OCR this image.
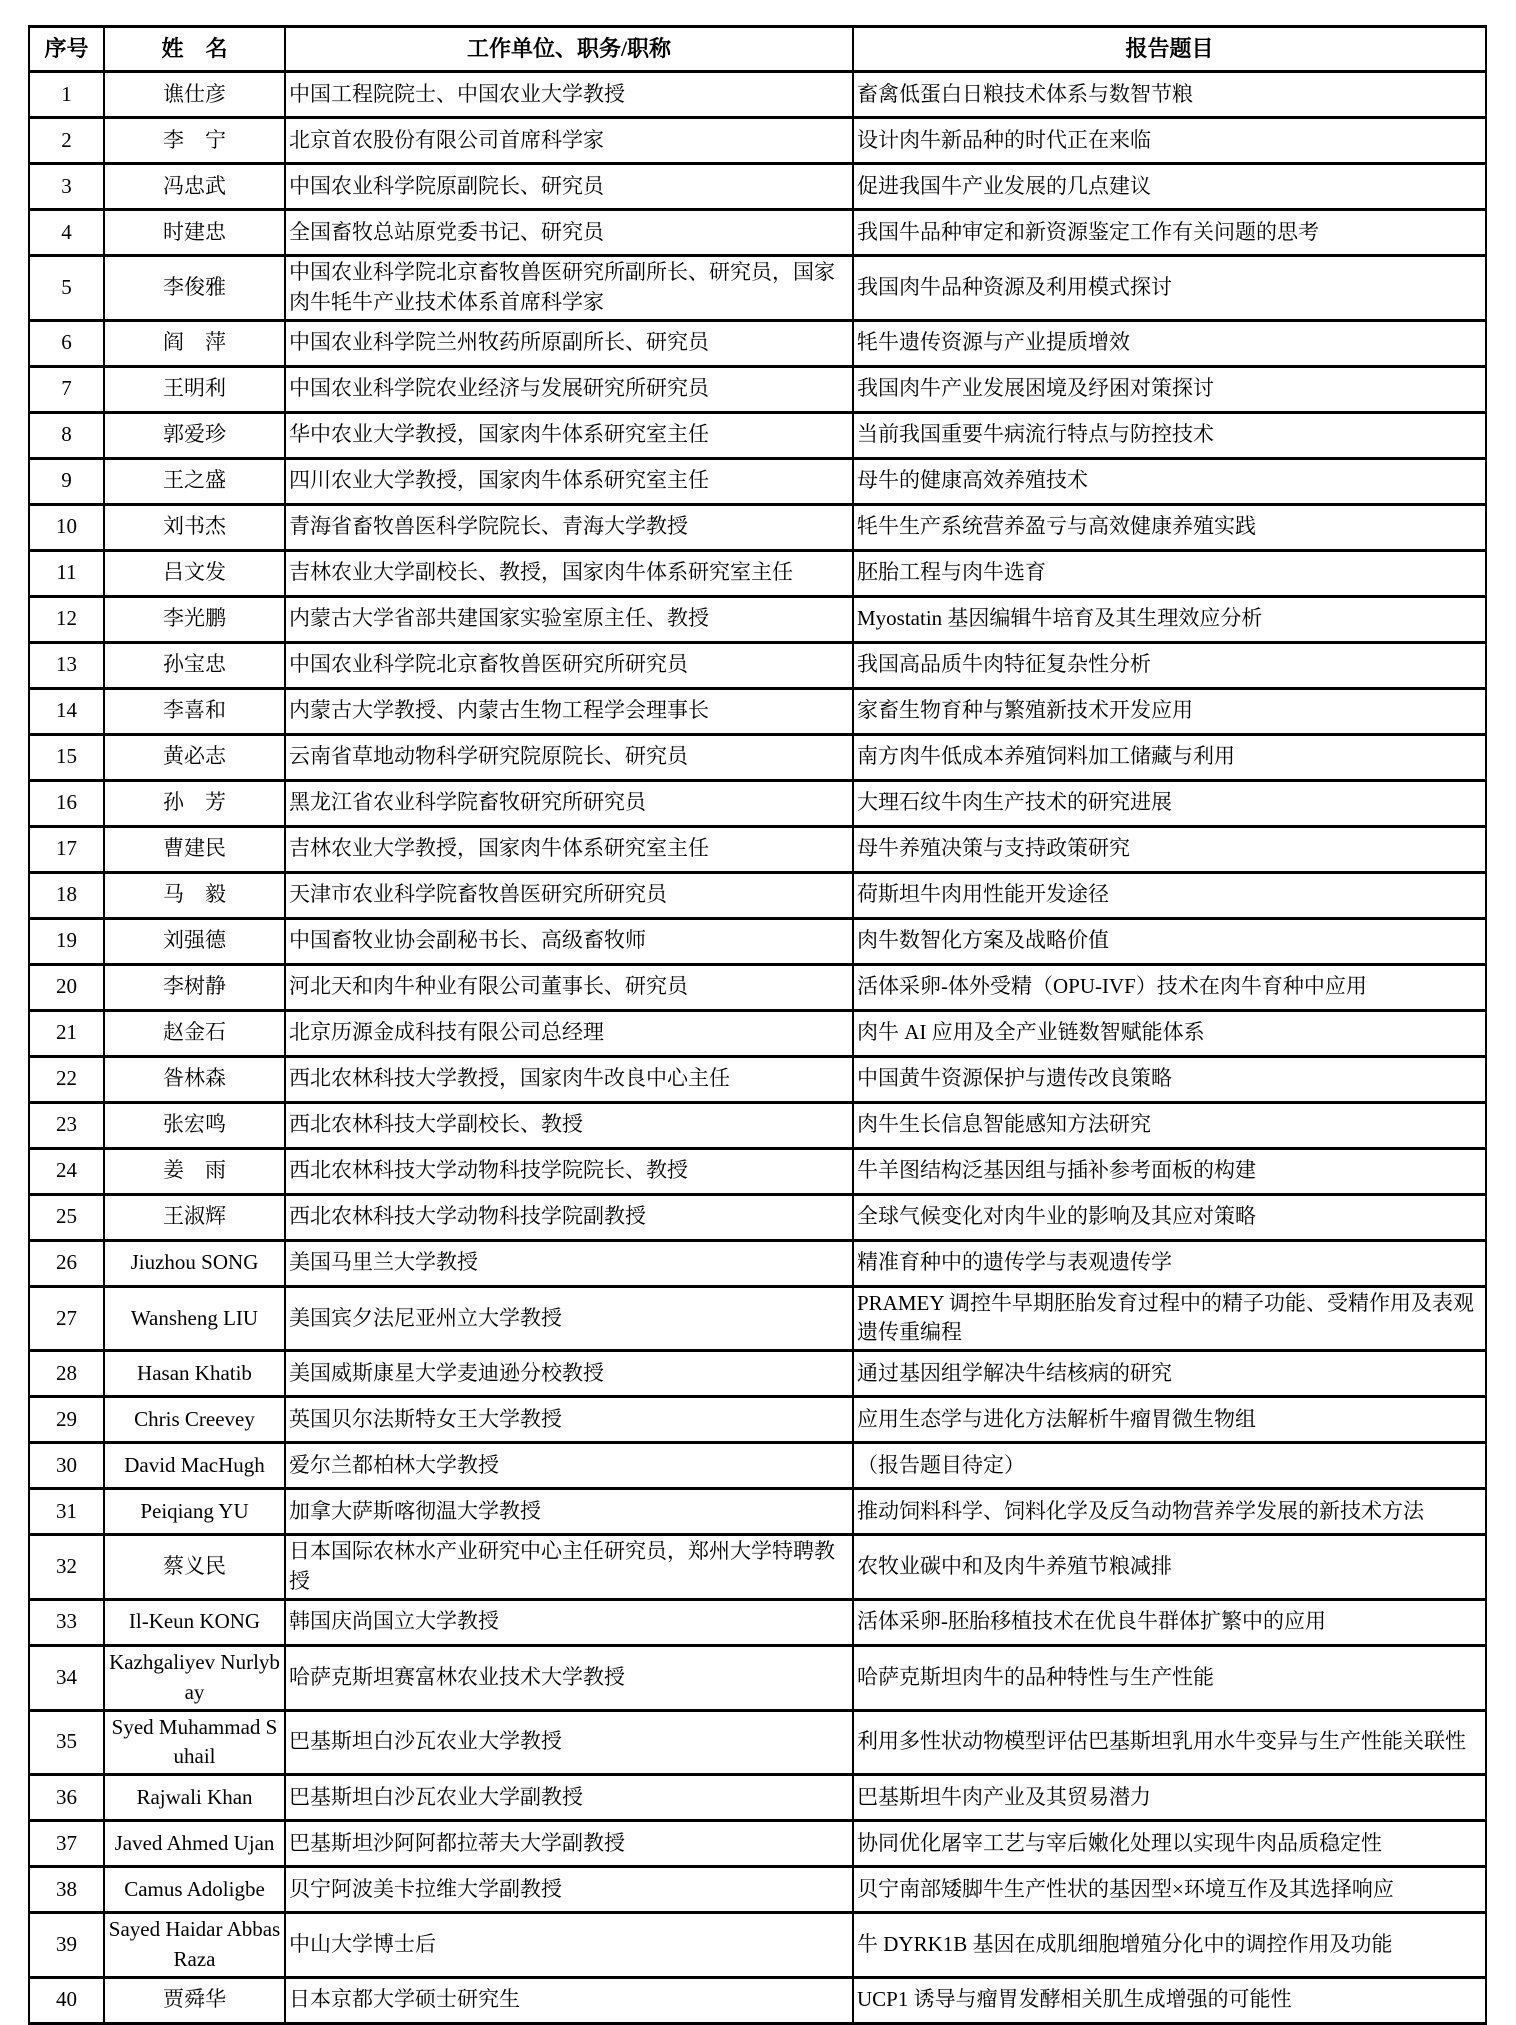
序号	姓　名	工作单位、职务/职称	报告题目
1	谯仕彦	中国工程院院士、中国农业大学教授	畜禽低蛋白日粮技术体系与数智节粮
2	李　宁	北京首农股份有限公司首席科学家	设计肉牛新品种的时代正在来临
3	冯忠武	中国农业科学院原副院长、研究员	促进我国牛产业发展的几点建议
4	时建忠	全国畜牧总站原党委书记、研究员	我国牛品种审定和新资源鉴定工作有关问题的思考
5	李俊雅	中国农业科学院北京畜牧兽医研究所副所长、研究员，国家肉牛牦牛产业技术体系首席科学家	我国肉牛品种资源及利用模式探讨
6	阎　萍	中国农业科学院兰州牧药所原副所长、研究员	牦牛遗传资源与产业提质增效
7	王明利	中国农业科学院农业经济与发展研究所研究员	我国肉牛产业发展困境及纾困对策探讨
8	郭爱珍	华中农业大学教授，国家肉牛体系研究室主任	当前我国重要牛病流行特点与防控技术
9	王之盛	四川农业大学教授，国家肉牛体系研究室主任	母牛的健康高效养殖技术
10	刘书杰	青海省畜牧兽医科学院院长、青海大学教授	牦牛生产系统营养盈亏与高效健康养殖实践
11	吕文发	吉林农业大学副校长、教授，国家肉牛体系研究室主任	胚胎工程与肉牛选育
12	李光鹏	内蒙古大学省部共建国家实验室原主任、教授	Myostatin 基因编辑牛培育及其生理效应分析
13	孙宝忠	中国农业科学院北京畜牧兽医研究所研究员	我国高品质牛肉特征复杂性分析
14	李喜和	内蒙古大学教授、内蒙古生物工程学会理事长	家畜生物育种与繁殖新技术开发应用
15	黄必志	云南省草地动物科学研究院原院长、研究员	南方肉牛低成本养殖饲料加工储藏与利用
16	孙　芳	黑龙江省农业科学院畜牧研究所研究员	大理石纹牛肉生产技术的研究进展
17	曹建民	吉林农业大学教授，国家肉牛体系研究室主任	母牛养殖决策与支持政策研究
18	马　毅	天津市农业科学院畜牧兽医研究所研究员	荷斯坦牛肉用性能开发途径
19	刘强德	中国畜牧业协会副秘书长、高级畜牧师	肉牛数智化方案及战略价值
20	李树静	河北天和肉牛种业有限公司董事长、研究员	活体采卵-体外受精（OPU-IVF）技术在肉牛育种中应用
21	赵金石	北京历源金成科技有限公司总经理	肉牛 AI 应用及全产业链数智赋能体系
22	昝林森	西北农林科技大学教授，国家肉牛改良中心主任	中国黄牛资源保护与遗传改良策略
23	张宏鸣	西北农林科技大学副校长、教授	肉牛生长信息智能感知方法研究
24	姜　雨	西北农林科技大学动物科技学院院长、教授	牛羊图结构泛基因组与插补参考面板的构建
25	王淑辉	西北农林科技大学动物科技学院副教授	全球气候变化对肉牛业的影响及其应对策略
26	Jiuzhou SONG	美国马里兰大学教授	精准育种中的遗传学与表观遗传学
27	Wansheng LIU	美国宾夕法尼亚州立大学教授	PRAMEY 调控牛早期胚胎发育过程中的精子功能、受精作用及表观遗传重编程
28	Hasan Khatib	美国威斯康星大学麦迪逊分校教授	通过基因组学解决牛结核病的研究
29	Chris Creevey	英国贝尔法斯特女王大学教授	应用生态学与进化方法解析牛瘤胃微生物组
30	David MacHugh	爱尔兰都柏林大学教授	（报告题目待定）
31	Peiqiang YU	加拿大萨斯喀彻温大学教授	推动饲料科学、饲料化学及反刍动物营养学发展的新技术方法
32	蔡义民	日本国际农林水产业研究中心主任研究员，郑州大学特聘教授	农牧业碳中和及肉牛养殖节粮减排
33	Il-Keun KONG	韩国庆尚国立大学教授	活体采卵-胚胎移植技术在优良牛群体扩繁中的应用
34	Kazhgaliyev Nurlybay	哈萨克斯坦赛富林农业技术大学教授	哈萨克斯坦肉牛的品种特性与生产性能
35	Syed Muhammad Suhail	巴基斯坦白沙瓦农业大学教授	利用多性状动物模型评估巴基斯坦乳用水牛变异与生产性能关联性
36	Rajwali Khan	巴基斯坦白沙瓦农业大学副教授	巴基斯坦牛肉产业及其贸易潜力
37	Javed Ahmed Ujan	巴基斯坦沙阿阿都拉蒂夫大学副教授	协同优化屠宰工艺与宰后嫩化处理以实现牛肉品质稳定性
38	Camus Adoligbe	贝宁阿波美卡拉维大学副教授	贝宁南部矮脚牛生产性状的基因型×环境互作及其选择响应
39	Sayed Haidar Abbas Raza	中山大学博士后	牛 DYRK1B 基因在成肌细胞增殖分化中的调控作用及功能
40	贾舜华	日本京都大学硕士研究生	UCP1 诱导与瘤胃发酵相关肌生成增强的可能性
